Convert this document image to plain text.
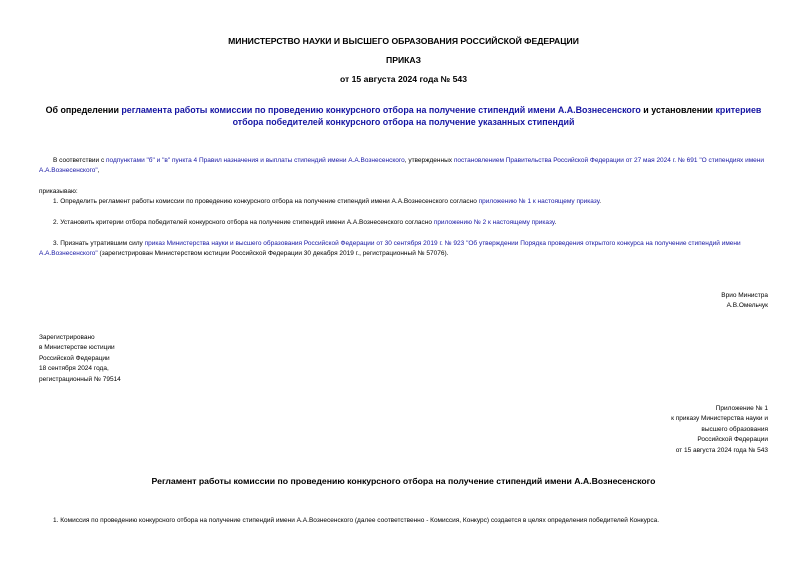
МИНИСТЕРСТВО НАУКИ И ВЫСШЕГО ОБРАЗОВАНИЯ РОССИЙСКОЙ ФЕДЕРАЦИИ
ПРИКАЗ
от 15 августа 2024 года № 543
Об определении регламента работы комиссии по проведению конкурсного отбора на получение стипендий имени А.А.Вознесенского и установлении критериев отбора победителей конкурсного отбора на получение указанных стипендий
В соответствии с подпунктами "б" и "в" пункта 4 Правил назначения и выплаты стипендий имени А.А.Вознесенского, утвержденных постановлением Правительства Российской Федерации от 27 мая 2024 г. № 691 "О стипендиях имени А.А.Вознесенского",
приказываю:
1. Определить регламент работы комиссии по проведению конкурсного отбора на получение стипендий имени А.А.Вознесенского согласно приложению № 1 к настоящему приказу.
2. Установить критерии отбора победителей конкурсного отбора на получение стипендий имени А.А.Вознесенского согласно приложению № 2 к настоящему приказу.
3. Признать утратившим силу приказ Министерства науки и высшего образования Российской Федерации от 30 сентября 2019 г. № 923 "Об утверждении Порядка проведения открытого конкурса на получение стипендий имени А.А.Вознесенского" (зарегистрирован Министерством юстиции Российской Федерации 30 декабря 2019 г., регистрационный № 57076).
Врио Министра
А.В.Омельчук
Зарегистрировано
в Министерстве юстиции
Российской Федерации
18 сентября 2024 года,
регистрационный № 79514
Приложение № 1
к приказу Министерства науки и
высшего образования
Российской Федерации
от 15 августа 2024 года № 543
Регламент работы комиссии по проведению конкурсного отбора на получение стипендий имени А.А.Вознесенского
1. Комиссия по проведению конкурсного отбора на получение стипендий имени А.А.Вознесенского (далее соответственно - Комиссия, Конкурс) создается в целях определения победителей Конкурса.
